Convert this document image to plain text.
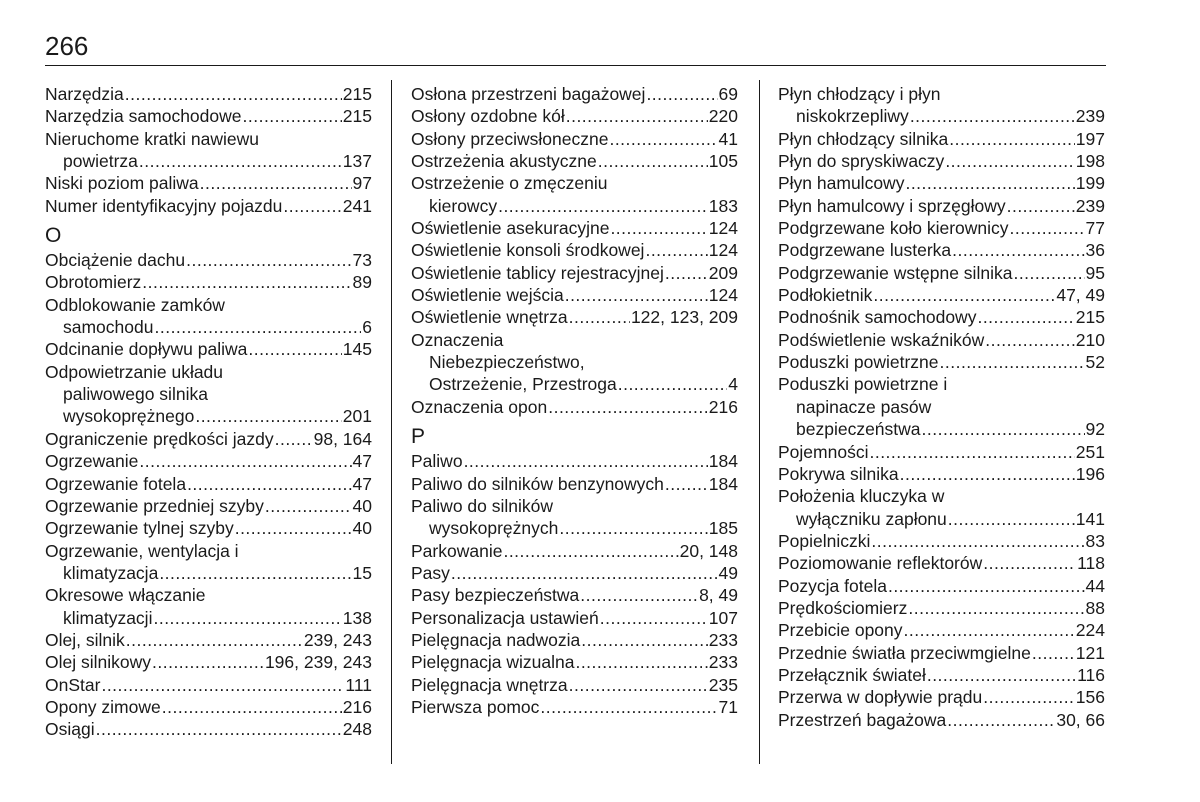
266
Narzędzia .....	215
Narzędzia samochodowe .....	215
Nieruchome kratki nawiewu
powietrza .....	137
Niski poziom paliwa .....	97
Numer identyfikacyjny pojazdu .....	241
O
Obciążenie dachu .....	73
Obrotomierz .....	89
Odblokowanie zamków
samochodu .....	6
Odcinanie dopływu paliwa .....	145
Odpowietrzanie układu
paliwowego silnika
wysokoprężnego .....	201
Ograniczenie prędkości jazdy ..... 98, 164
Ogrzewanie .....	47
Ogrzewanie fotela .....	47
Ogrzewanie przedniej szyby .....	40
Ogrzewanie tylnej szyby .....	40
Ogrzewanie, wentylacja i
klimatyzacja .....	15
Okresowe włączanie
klimatyzacji .....	138
Olej, silnik .....	239, 243
Olej silnikowy .....	196, 239, 243
OnStar .....	111
Opony zimowe .....	216
Osiągi .....	248
Osłona przestrzeni bagażowej .....	69
Osłony ozdobne kół .....	220
Osłony przeciwsłoneczne .....	41
Ostrzeżenia akustyczne .....	105
Ostrzeżenie o zmęczeniu
kierowcy .....	183
Oświetlenie asekuracyjne .....	124
Oświetlenie konsoli środkowej .....	124
Oświetlenie tablicy rejestracyjnej .....	209
Oświetlenie wejścia .....	124
Oświetlenie wnętrza .....	122, 123, 209
Oznaczenia
Niebezpieczeństwo,
Ostrzeżenie, Przestroga .....	4
Oznaczenia opon .....	216
P
Paliwo .....	184
Paliwo do silników benzynowych .....	184
Paliwo do silników
wysokoprężnych .....	185
Parkowanie .....	20, 148
Pasy .....	49
Pasy bezpieczeństwa .....	8, 49
Personalizacja ustawień .....	107
Pielęgnacja nadwozia .....	233
Pielęgnacja wizualna .....	233
Pielęgnacja wnętrza .....	235
Pierwsza pomoc .....	71
Płyn chłodzący i płyn
niskokrzepliwy .....	239
Płyn chłodzący silnika .....	197
Płyn do spryskiwaczy .....	198
Płyn hamulcowy .....	199
Płyn hamulcowy i sprzęgłowy .....	239
Podgrzewane koło kierownicy .....	77
Podgrzewane lusterka .....	36
Podgrzewanie wstępne silnika .....	95
Podłokietnik .....	47, 49
Podnośnik samochodowy .....	215
Podświetlenie wskaźników .....	210
Poduszki powietrzne .....	52
Poduszki powietrzne i
napinacze pasów
bezpieczeństwa .....	92
Pojemności .....	251
Pokrywa silnika .....	196
Położenia kluczyka w
wyłączniku zapłonu .....	141
Popielniczki .....	83
Poziomowanie reflektorów .....	118
Pozycja fotela .....	44
Prędkościomierz .....	88
Przebicie opony .....	224
Przednie światła przeciwmgielne .....	121
Przełącznik świateł .....	116
Przerwa w dopływie prądu .....	156
Przestrzeń bagażowa .....	30, 66
